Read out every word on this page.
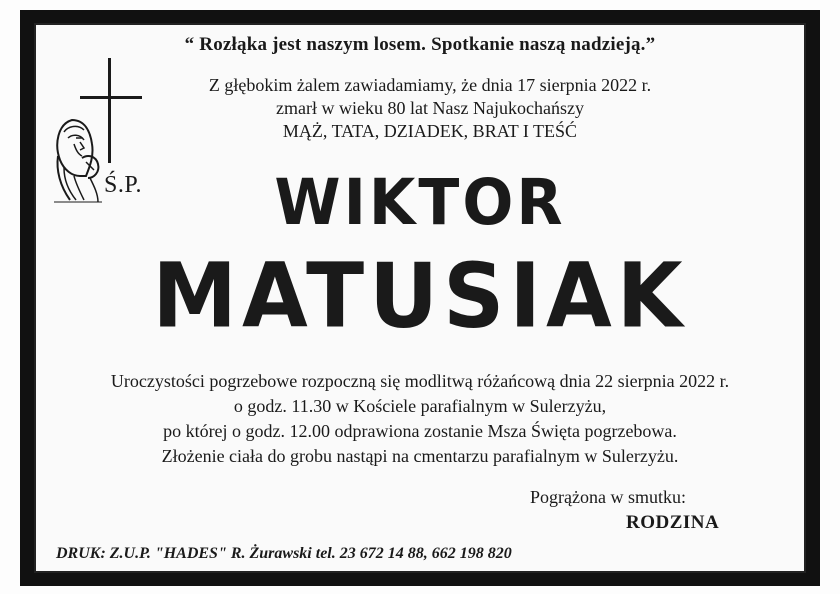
“ Rozłąka jest naszym losem. Spotkanie naszą nadzieją.”
Ś.P.
Z głębokim żalem zawiadamiamy, że dnia 17 sierpnia 2022 r.
zmarł w wieku 80 lat Nasz Najukochańszy
MĄŻ, TATA, DZIADEK, BRAT I TEŚĆ
WIKTOR
MATUSIAK
Uroczystości pogrzebowe rozpoczną się modlitwą różańcową dnia 22 sierpnia 2022 r.
o godz. 11.30 w Kościele parafialnym w Sulerzyżu,
po której o godz. 12.00 odprawiona zostanie Msza Święta pogrzebowa.
Złożenie ciała do grobu nastąpi na cmentarzu parafialnym w Sulerzyżu.
Pogrążona w smutku:
RODZINA
DRUK: Z.U.P. "HADES" R. Żurawski tel. 23 672 14 88, 662 198 820
